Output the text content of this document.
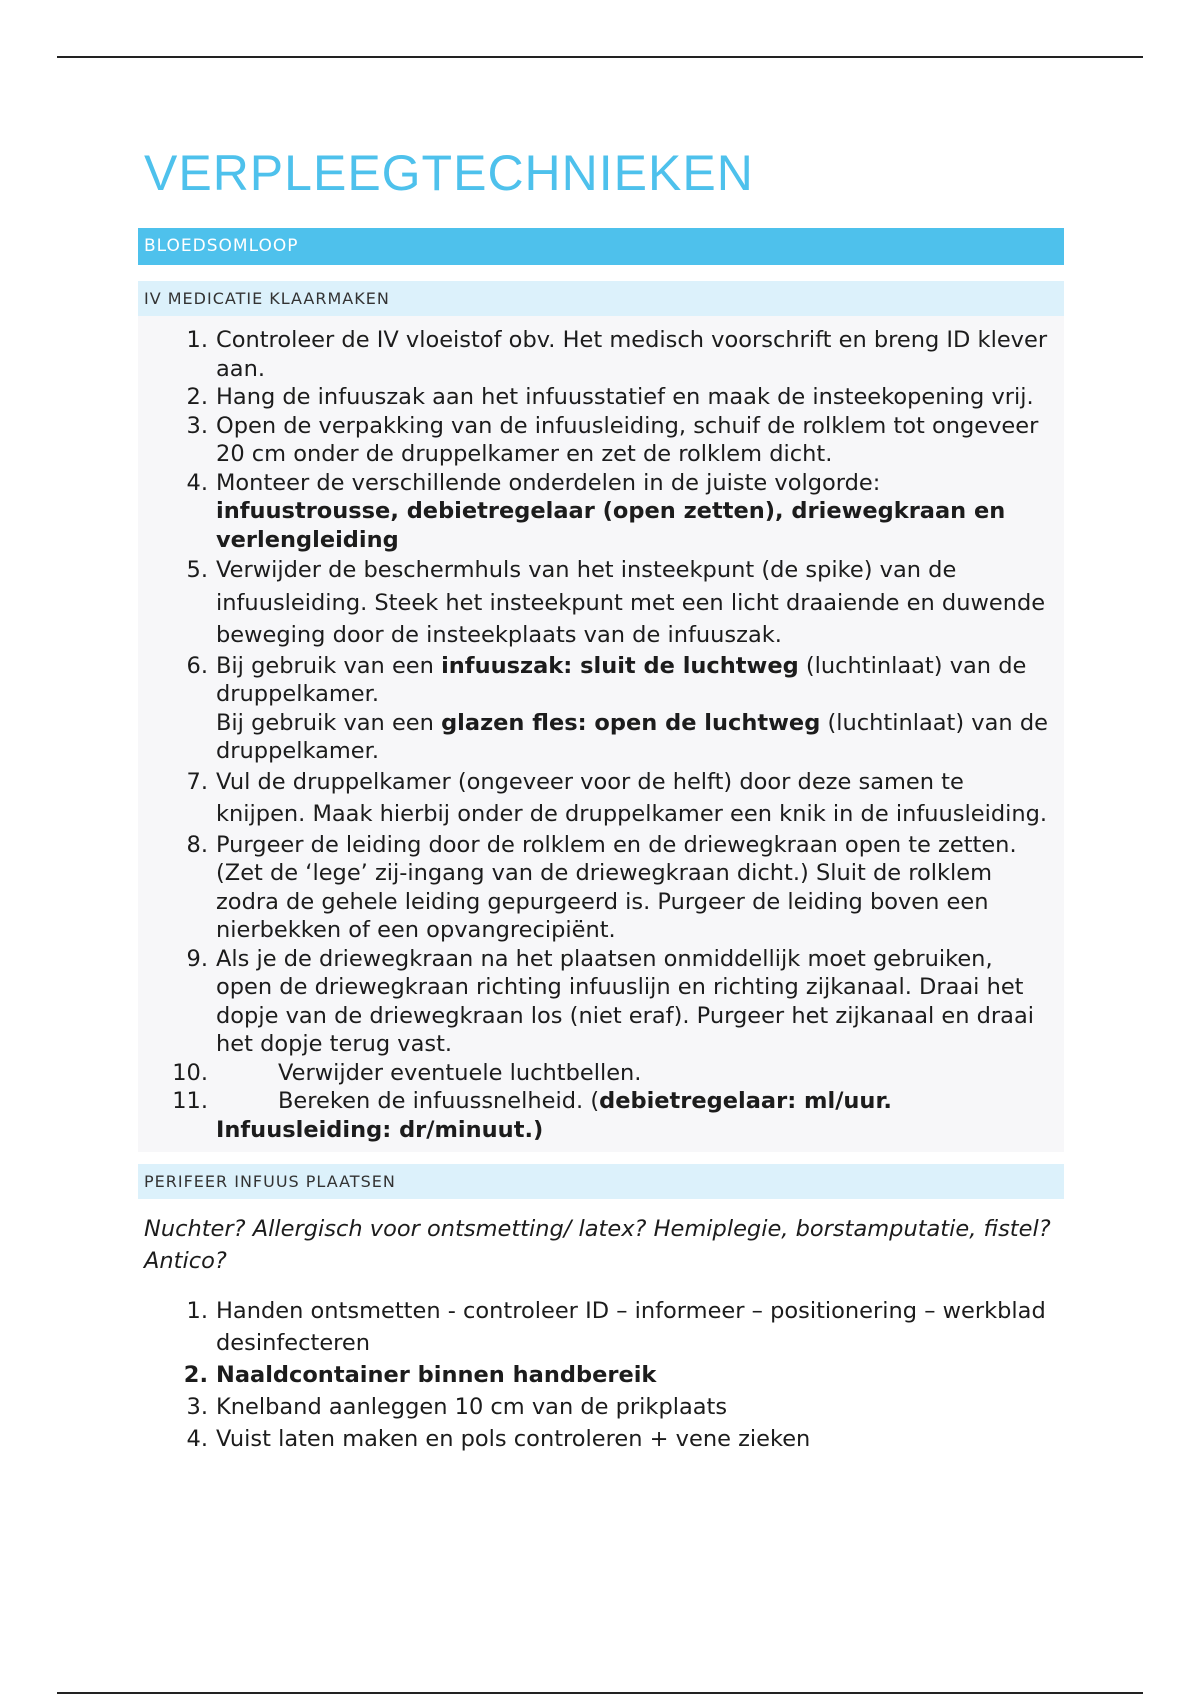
VERPLEEGTECHNIEKEN
BLOEDSOMLOOP
IV MEDICATIE KLAARMAKEN
1. Controleer de IV vloeistof obv. Het medisch voorschrift en breng ID klever aan.
2. Hang de infuuszak aan het infuusstatief en maak de insteekopening vrij.
3. Open de verpakking van de infuusleiding, schuif de rolklem tot ongeveer 20 cm onder de druppelkamer en zet de rolklem dicht.
4. Monteer de verschillende onderdelen in de juiste volgorde: infuustrousse, debietregelaar (open zetten), driewegkraan en verlengleiding
5. Verwijder de beschermhuls van het insteekpunt (de spike) van de infuusleiding. Steek het insteekpunt met een licht draaiende en duwende beweging door de insteekplaats van de infuuszak.
6. Bij gebruik van een infuuszak: sluit de luchtweg (luchtinlaat) van de druppelkamer.
Bij gebruik van een glazen fles: open de luchtweg (luchtinlaat) van de druppelkamer.
7. Vul de druppelkamer (ongeveer voor de helft) door deze samen te knijpen. Maak hierbij onder de druppelkamer een knik in de infuusleiding.
8. Purgeer de leiding door de rolklem en de driewegkraan open te zetten. (Zet de ‘lege’ zij-ingang van de driewegkraan dicht.) Sluit de rolklem zodra de gehele leiding gepurgeerd is. Purgeer de leiding boven een nierbekken of een opvangrecipiënt.
9. Als je de driewegkraan na het plaatsen onmiddellijk moet gebruiken, open de driewegkraan richting infuuslijn en richting zijkanaal. Draai het dopje van de driewegkraan los (niet eraf). Purgeer het zijkanaal en draai het dopje terug vast.
10.	Verwijder eventuele luchtbellen.
11.	Bereken de infuussnelheid. (debietregelaar: ml/uur.
Infuusleiding: dr/minuut.)
PERIFEER INFUUS PLAATSEN
Nuchter? Allergisch voor ontsmetting/ latex? Hemiplegie, borstamputatie, fistel? Antico?
1. Handen ontsmetten - controleer ID – informeer – positionering – werkblad desinfecteren
2. Naaldcontainer binnen handbereik
3. Knelband aanleggen 10 cm van de prikplaats
4. Vuist laten maken en pols controleren + vene zieken
